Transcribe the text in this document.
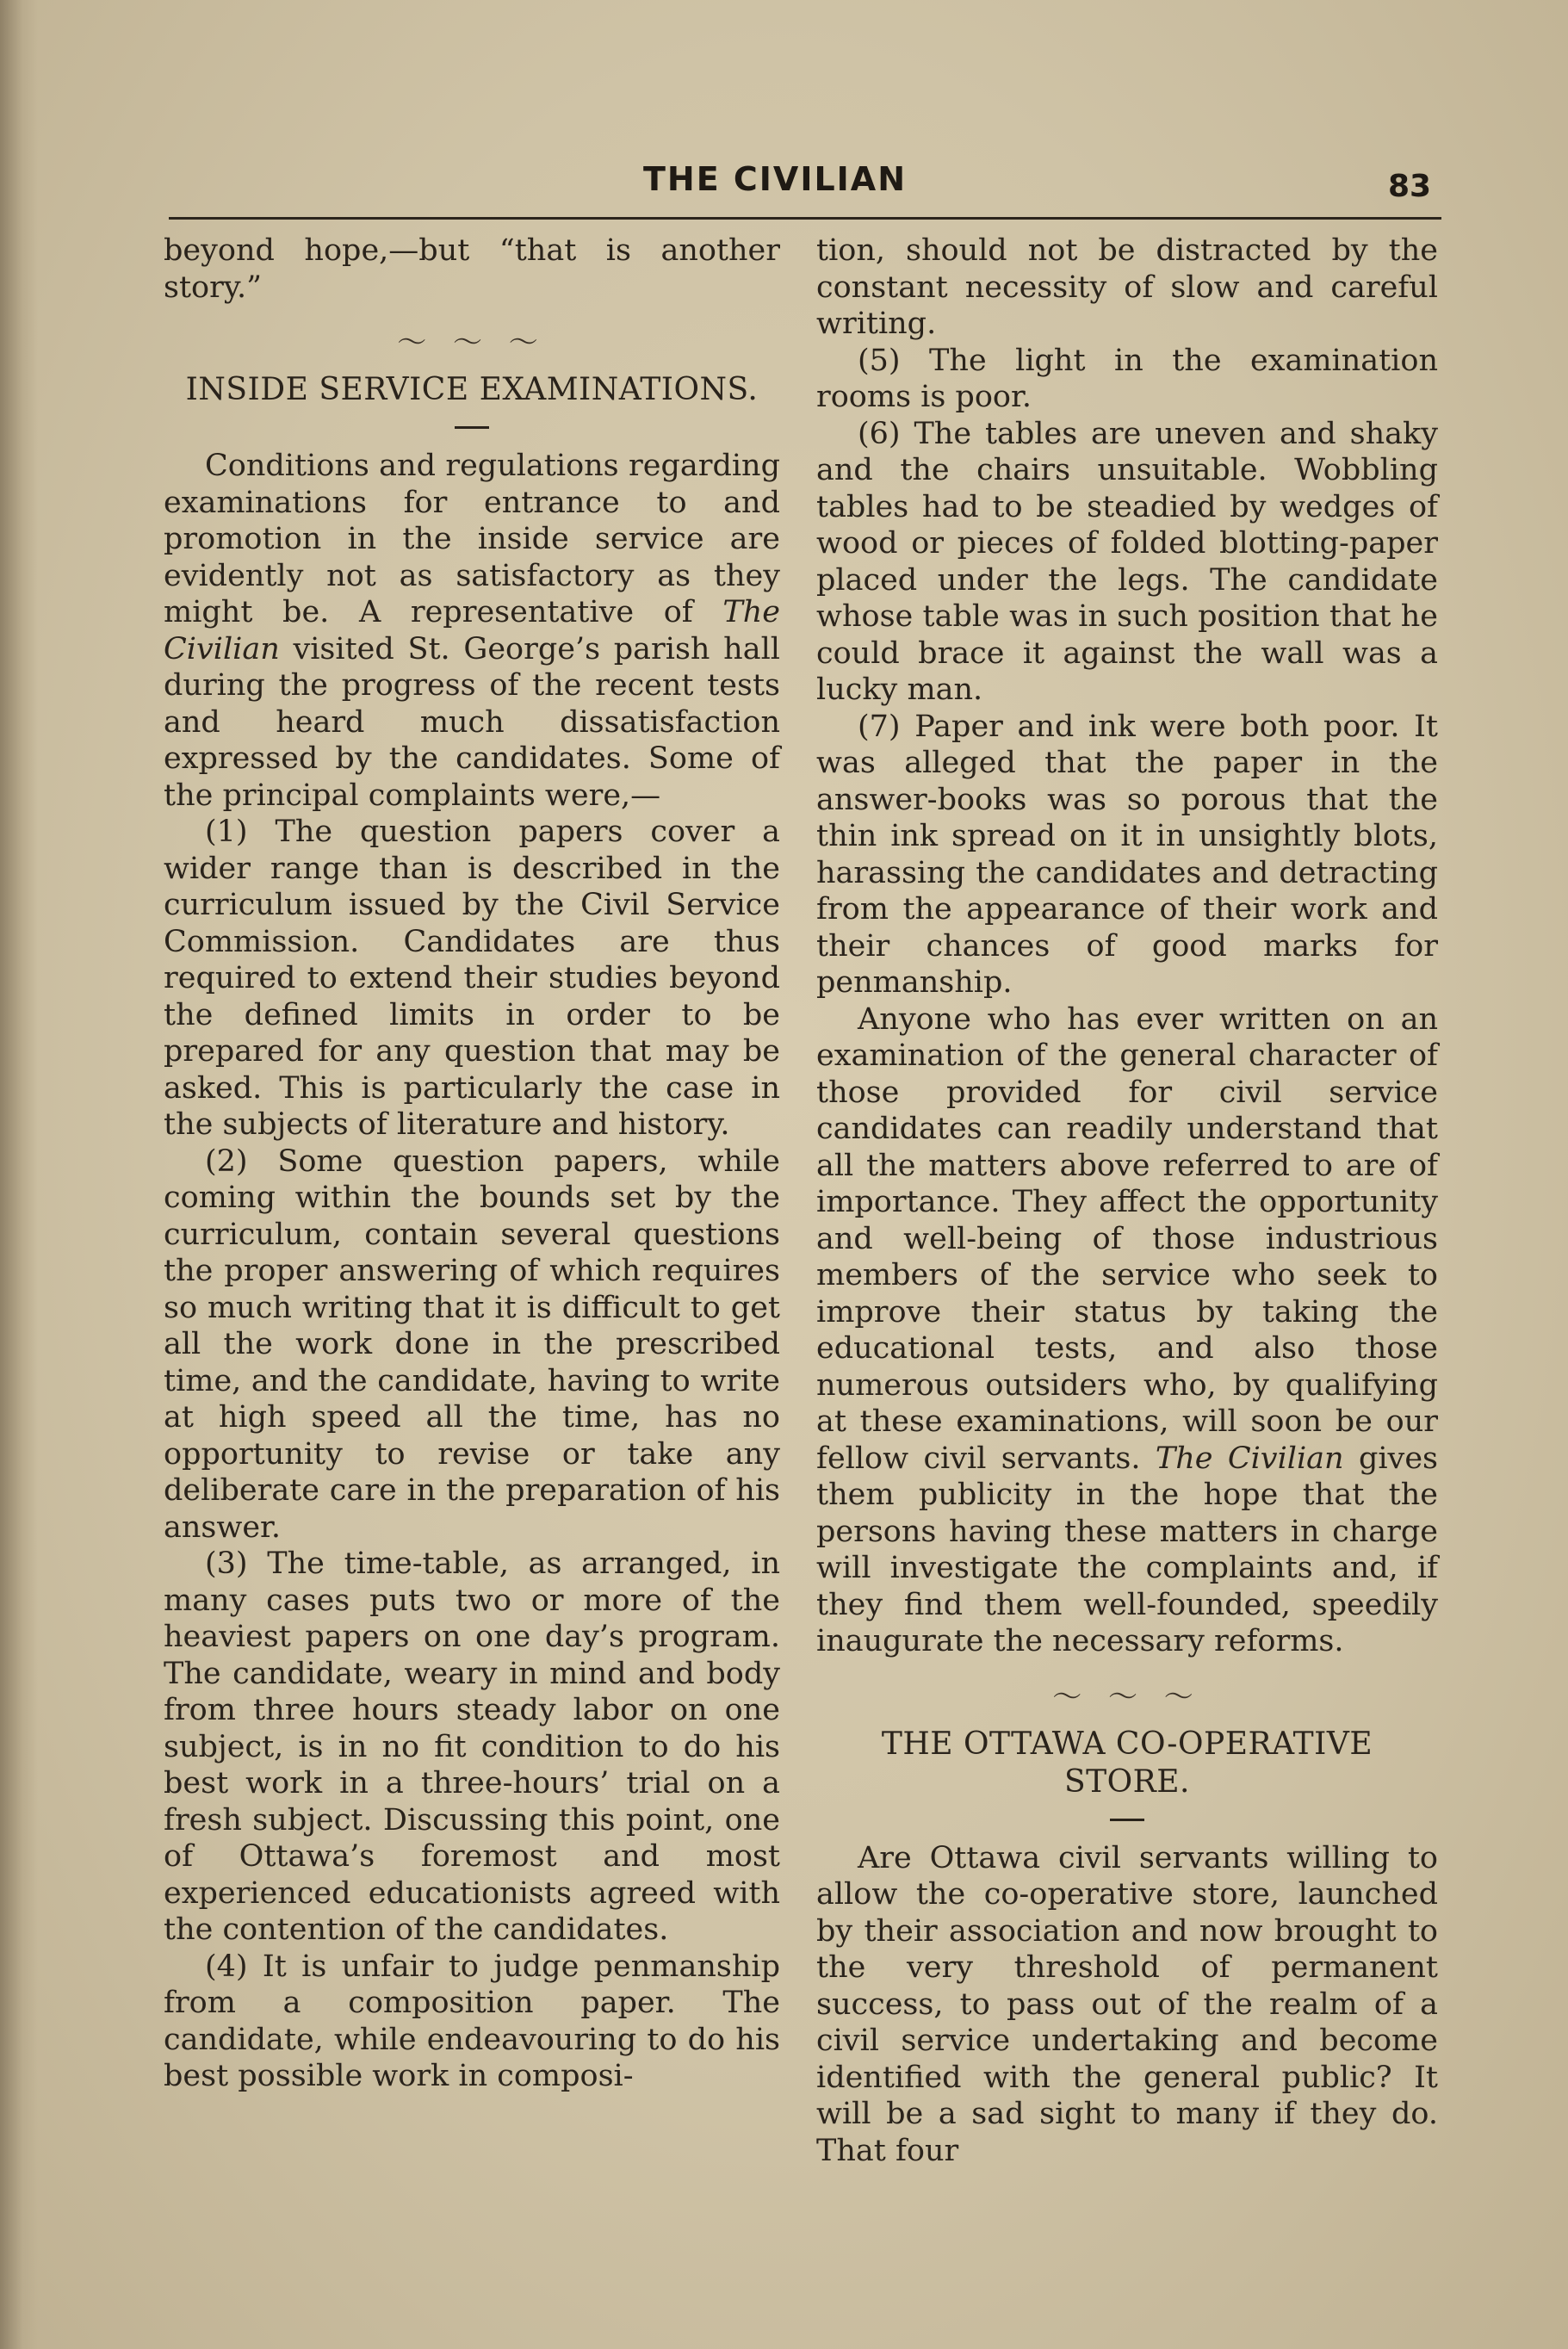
THE CIVILIAN	83

beyond hope,—but “that is another story.”

〜 〜 〜
INSIDE SERVICE EXAMINATIONS.

Conditions and regulations regarding examinations for entrance to and promotion in the inside service are evidently not as satisfactory as they might be. A representative of The Civilian visited St. George’s parish hall during the progress of the recent tests and heard much dissatisfaction expressed by the candidates. Some of the principal complaints were,—

(1) The question papers cover a wider range than is described in the curriculum issued by the Civil Service Commission. Candidates are thus required to extend their studies beyond the defined limits in order to be prepared for any question that may be asked. This is particularly the case in the subjects of literature and history.

(2) Some question papers, while coming within the bounds set by the curriculum, contain several questions the proper answering of which requires so much writing that it is difficult to get all the work done in the prescribed time, and the candidate, having to write at high speed all the time, has no opportunity to revise or take any deliberate care in the preparation of his answer.

(3) The time-table, as arranged, in many cases puts two or more of the heaviest papers on one day’s program. The candidate, weary in mind and body from three hours steady labor on one subject, is in no fit condition to do his best work in a three-hours’ trial on a fresh subject. Discussing this point, one of Ottawa’s foremost and most experienced educationists agreed with the contention of the candidates.

(4) It is unfair to judge penmanship from a composition paper. The candidate, while endeavouring to do his best possible work in composi-

tion, should not be distracted by the constant necessity of slow and careful writing.

(5) The light in the examination rooms is poor.

(6) The tables are uneven and shaky and the chairs unsuitable. Wobbling tables had to be steadied by wedges of wood or pieces of folded blotting-paper placed under the legs. The candidate whose table was in such position that he could brace it against the wall was a lucky man.

(7) Paper and ink were both poor. It was alleged that the paper in the answer-books was so porous that the thin ink spread on it in unsightly blots, harassing the candidates and detracting from the appearance of their work and their chances of good marks for penmanship.

Anyone who has ever written on an examination of the general character of those provided for civil service candidates can readily understand that all the matters above referred to are of importance. They affect the opportunity and well-being of those industrious members of the service who seek to improve their status by taking the educational tests, and also those numerous outsiders who, by qualifying at these examinations, will soon be our fellow civil servants. The Civilian gives them publicity in the hope that the persons having these matters in charge will investigate the complaints and, if they find them well-founded, speedily inaugurate the necessary reforms.

〜 〜 〜
THE OTTAWA CO-OPERATIVE STORE.

Are Ottawa civil servants willing to allow the co-operative store, launched by their association and now brought to the very threshold of permanent success, to pass out of the realm of a civil service undertaking and become identified with the general public? It will be a sad sight to many if they do. That four
